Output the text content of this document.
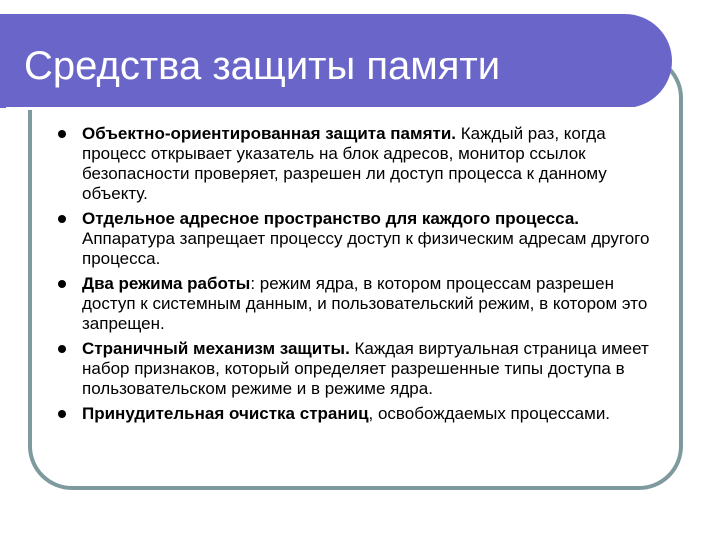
Средства защиты памяти
Объектно-ориентированная защита памяти. Каждый раз, когда процесс открывает указатель на блок адресов, монитор ссылок безопасности проверяет, разрешен ли доступ процесса к данному объекту.
Отдельное адресное пространство для каждого процесса. Аппаратура запрещает процессу доступ к физическим адресам другого процесса.
Два режима работы: режим ядра, в котором процессам разрешен доступ к системным данным, и пользовательский режим, в котором это запрещен.
Страничный механизм защиты. Каждая виртуальная страница имеет набор признаков, который определяет разрешенные типы доступа в пользовательском режиме и в режиме ядра.
Принудительная очистка страниц, освобождаемых процессами.
